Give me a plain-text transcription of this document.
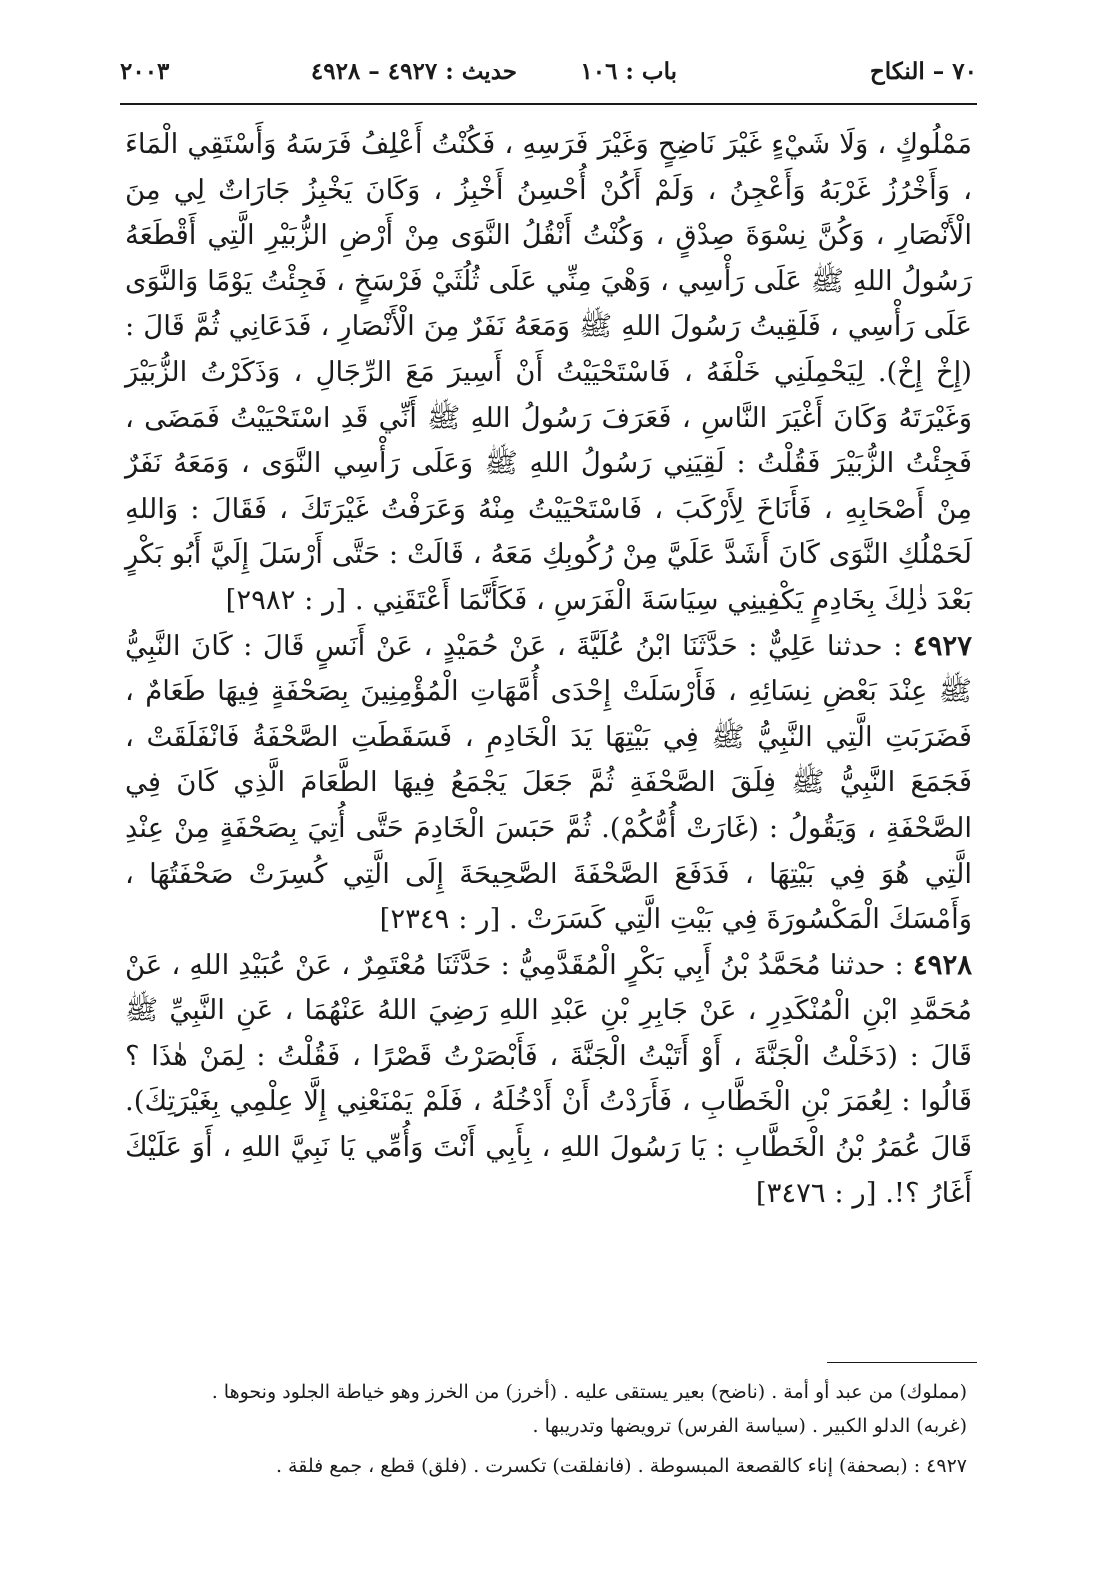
٧٠ – النكاح
باب : ١٠٦
حديث : ٤٩٢٧ – ٤٩٢٨
٢٠٠٣

مَمْلُوكٍ ، وَلَا شَيْءٍ غَيْرَ نَاضِحٍ وَغَيْرَ فَرَسِهِ ، فَكُنْتُ أَعْلِفُ فَرَسَهُ وَأَسْتَقِي الْمَاءَ ، وَأَخْرُزُ غَرْبَهُ وَأَعْجِنُ ، وَلَمْ أَكُنْ أُحْسِنُ أَخْبِزُ ، وَكَانَ يَخْبِزُ جَارَاتٌ لِي مِنَ الْأَنْصَارِ ، وَكُنَّ نِسْوَةَ صِدْقٍ ، وَكُنْتُ أَنْقُلُ النَّوَى مِنْ أَرْضِ الزُّبَيْرِ الَّتِي أَقْطَعَهُ رَسُولُ اللهِ ﷺ عَلَى رَأْسِي ، وَهْيَ مِنِّي عَلَى ثُلُثَيْ فَرْسَخٍ ، فَجِئْتُ يَوْمًا وَالنَّوَى عَلَى رَأْسِي ، فَلَقِيتُ رَسُولَ اللهِ ﷺ وَمَعَهُ نَفَرٌ مِنَ الْأَنْصَارِ ، فَدَعَانِي ثُمَّ قَالَ : (إِخْ إِخْ). لِيَحْمِلَنِي خَلْفَهُ ، فَاسْتَحْيَيْتُ أَنْ أَسِيرَ مَعَ الرِّجَالِ ، وَذَكَرْتُ الزُّبَيْرَ وَغَيْرَتَهُ وَكَانَ أَغْيَرَ النَّاسِ ، فَعَرَفَ رَسُولُ اللهِ ﷺ أَنِّي قَدِ اسْتَحْيَيْتُ فَمَضَى ، فَجِئْتُ الزُّبَيْرَ فَقُلْتُ : لَقِيَنِي رَسُولُ اللهِ ﷺ وَعَلَى رَأْسِي النَّوَى ، وَمَعَهُ نَفَرٌ مِنْ أَصْحَابِهِ ، فَأَنَاخَ لِأَرْكَبَ ، فَاسْتَحْيَيْتُ مِنْهُ وَعَرَفْتُ غَيْرَتَكَ ، فَقَالَ : وَاللهِ لَحَمْلُكِ النَّوَى كَانَ أَشَدَّ عَلَيَّ مِنْ رُكُوبِكِ مَعَهُ ، قَالَتْ : حَتَّى أَرْسَلَ إِلَيَّ أَبُو بَكْرٍ بَعْدَ ذٰلِكَ بِخَادِمٍ يَكْفِينِي سِيَاسَةَ الْفَرَسِ ، فَكَأَنَّمَا أَعْتَقَنِي . [ر : ٢٩٨٢]

٤٩٢٧ : حدثنا عَلِيٌّ : حَدَّثَنَا ابْنُ عُلَيَّةَ ، عَنْ حُمَيْدٍ ، عَنْ أَنَسٍ قَالَ : كَانَ النَّبِيُّ ﷺ عِنْدَ بَعْضِ نِسَائِهِ ، فَأَرْسَلَتْ إِحْدَى أُمَّهَاتِ الْمُؤْمِنِينَ بِصَحْفَةٍ فِيهَا طَعَامٌ ، فَضَرَبَتِ الَّتِي النَّبِيُّ ﷺ فِي بَيْتِهَا يَدَ الْخَادِمِ ، فَسَقَطَتِ الصَّحْفَةُ فَانْفَلَقَتْ ، فَجَمَعَ النَّبِيُّ ﷺ فِلَقَ الصَّحْفَةِ ثُمَّ جَعَلَ يَجْمَعُ فِيهَا الطَّعَامَ الَّذِي كَانَ فِي الصَّحْفَةِ ، وَيَقُولُ : (غَارَتْ أُمُّكُمْ). ثُمَّ حَبَسَ الْخَادِمَ حَتَّى أُتِيَ بِصَحْفَةٍ مِنْ عِنْدِ الَّتِي هُوَ فِي بَيْتِهَا ، فَدَفَعَ الصَّحْفَةَ الصَّحِيحَةَ إِلَى الَّتِي كُسِرَتْ صَحْفَتُهَا ، وَأَمْسَكَ الْمَكْسُورَةَ فِي بَيْتِ الَّتِي كَسَرَتْ . [ر : ٢٣٤٩]

٤٩٢٨ : حدثنا مُحَمَّدُ بْنُ أَبِي بَكْرٍ الْمُقَدَّمِيُّ : حَدَّثَنَا مُعْتَمِرٌ ، عَنْ عُبَيْدِ اللهِ ، عَنْ مُحَمَّدِ ابْنِ الْمُنْكَدِرِ ، عَنْ جَابِرِ بْنِ عَبْدِ اللهِ رَضِيَ اللهُ عَنْهُمَا ، عَنِ النَّبِيِّ ﷺ قَالَ : (دَخَلْتُ الْجَنَّةَ ، أَوْ أَتَيْتُ الْجَنَّةَ ، فَأَبْصَرْتُ قَصْرًا ، فَقُلْتُ : لِمَنْ هٰذَا ؟ قَالُوا : لِعُمَرَ بْنِ الْخَطَّابِ ، فَأَرَدْتُ أَنْ أَدْخُلَهُ ، فَلَمْ يَمْنَعْنِي إِلَّا عِلْمِي بِغَيْرَتِكَ). قَالَ عُمَرُ بْنُ الْخَطَّابِ : يَا رَسُولَ اللهِ ، بِأَبِي أَنْتَ وَأُمِّي يَا نَبِيَّ اللهِ ، أَوَ عَلَيْكَ أَغَارُ ؟!. [ر : ٣٤٧٦]

(مملوك) من عبد أو أمة . (ناضح) بعير يستقى عليه . (أخرز) من الخرز وهو خياطة الجلود ونحوها .
(غربه) الدلو الكبير . (سياسة الفرس) ترويضها وتدريبها .
٤٩٢٧ : (بصحفة) إناء كالقصعة المبسوطة . (فانفلقت) تكسرت . (فلق) قطع ، جمع فلقة .
